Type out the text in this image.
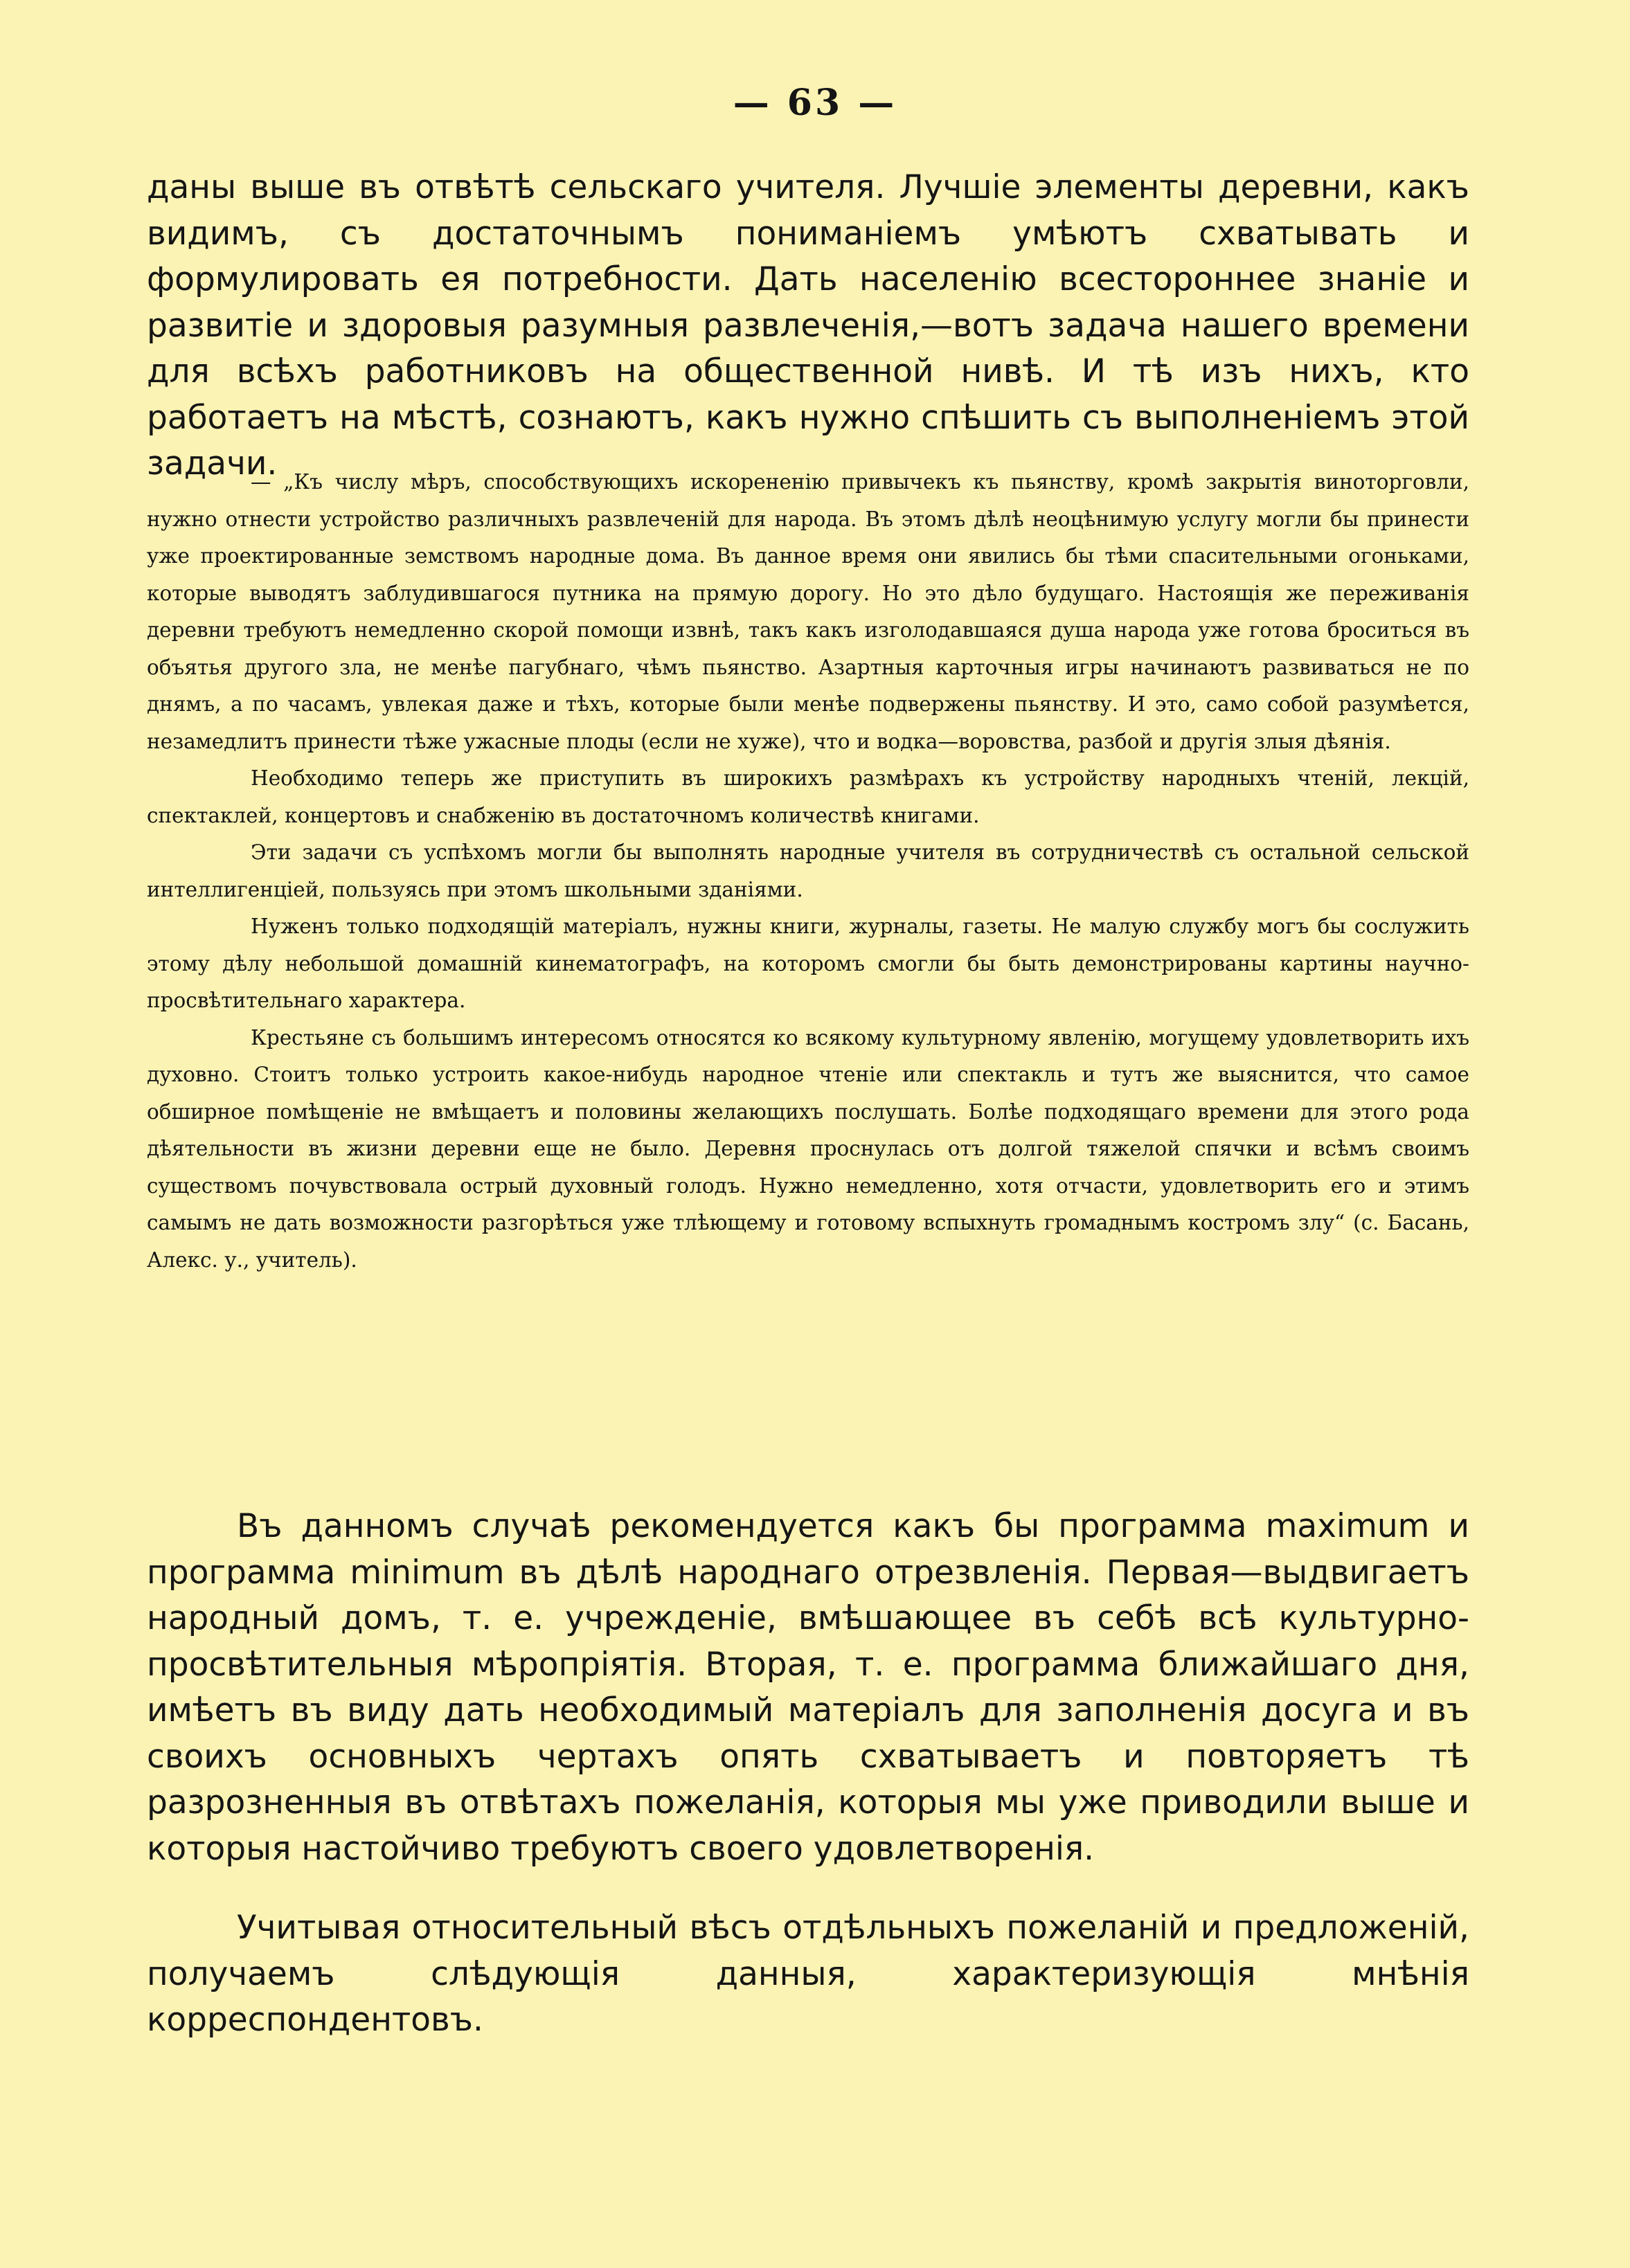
— 63 —

даны выше въ отвѣтѣ сельскаго учителя. Лучшіе элементы деревни, какъ видимъ, съ достаточнымъ пониманіемъ умѣютъ схватывать и формулировать ея потребности. Дать населенію всестороннее знаніе и развитіе и здоровыя разумныя развлеченія,—вотъ задача нашего времени для всѣхъ работниковъ на общественной нивѣ. И тѣ изъ нихъ, кто работаетъ на мѣстѣ, сознаютъ, какъ нужно спѣшить съ выполненіемъ этой задачи.

— „Къ числу мѣръ, способствующихъ искорененію привычекъ къ пьянству, кромѣ закрытія виноторговли, нужно отнести устройство различныхъ развлеченій для народа. Въ этомъ дѣлѣ неоцѣнимую услугу могли бы принести уже проектированные земствомъ народные дома. Въ данное время они явились бы тѣми спасительными огоньками, которые выводятъ заблудившагося путника на прямую дорогу. Но это дѣло будущаго. Настоящія же переживанія деревни требуютъ немедленно скорой помощи извнѣ, такъ какъ изголодавшаяся душа народа уже готова броситься въ объятья другого зла, не менѣе пагубнаго, чѣмъ пьянство. Азартныя карточныя игры начинаютъ развиваться не по днямъ, а по часамъ, увлекая даже и тѣхъ, которые были менѣе подвержены пьянству. И это, само собой разумѣется, незамедлитъ принести тѣже ужасные плоды (если не хуже), что и водка—воровства, разбой и другія злыя дѣянія.

Необходимо теперь же приступить въ широкихъ размѣрахъ къ устройству народныхъ чтеній, лекцій, спектаклей, концертовъ и снабженію въ достаточномъ количествѣ книгами.

Эти задачи съ успѣхомъ могли бы выполнять народные учителя въ сотрудничествѣ съ остальной сельской интеллигенціей, пользуясь при этомъ школьными зданіями.

Нуженъ только подходящій матеріалъ, нужны книги, журналы, газеты. Не малую службу могъ бы сослужить этому дѣлу небольшой домашній кинематографъ, на которомъ смогли бы быть демонстрированы картины научно-просвѣтительнаго характера.

Крестьяне съ большимъ интересомъ относятся ко всякому культурному явленію, могущему удовлетворить ихъ духовно. Стоитъ только устроить какое-нибудь народное чтеніе или спектакль и тутъ же выяснится, что самое обширное помѣщеніе не вмѣщаетъ и половины желающихъ послушать. Болѣе подходящаго времени для этого рода дѣятельности въ жизни деревни еще не было. Деревня проснулась отъ долгой тяжелой спячки и всѣмъ своимъ существомъ почувствовала острый духовный голодъ. Нужно немедленно, хотя отчасти, удовлетворить его и этимъ самымъ не дать возможности разгорѣться уже тлѣющему и готовому вспыхнуть громаднымъ костромъ злу“ (с. Басань, Алекс. у., учитель).

Въ данномъ случаѣ рекомендуется какъ бы программа maximum и программа minimum въ дѣлѣ народнаго отрезвленія. Первая—выдвигаетъ народный домъ, т. е. учрежденіе, вмѣшающее въ себѣ всѣ культурно-просвѣтительныя мѣропріятія. Вторая, т. е. программа ближайшаго дня, имѣетъ въ виду дать необходимый матеріалъ для заполненія досуга и въ своихъ основныхъ чертахъ опять схватываетъ и повторяетъ тѣ разрозненныя въ отвѣтахъ пожеланія, которыя мы уже приводили выше и которыя настойчиво требуютъ своего удовлетворенія.

Учитывая относительный вѣсъ отдѣльныхъ пожеланій и предложеній, получаемъ слѣдующія данныя, характеризующія мнѣнія корреспондентовъ.
